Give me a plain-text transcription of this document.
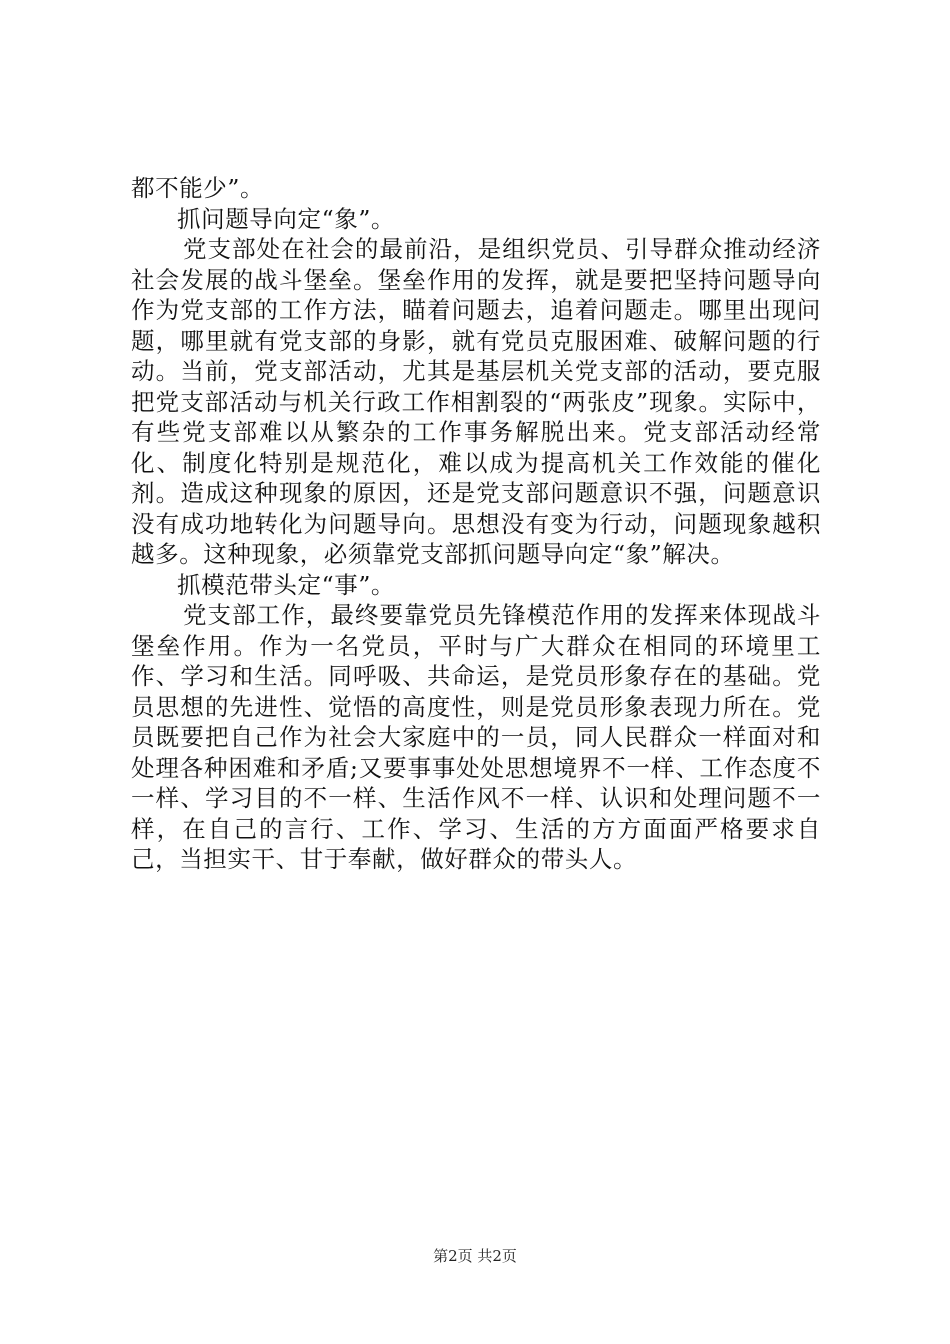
都不能少”。

抓问题导向定“象”。

党支部处在社会的最前沿，是组织党员、引导群众推动经济社会发展的战斗堡垒。堡垒作用的发挥，就是要把坚持问题导向作为党支部的工作方法，瞄着问题去，追着问题走。哪里出现问题，哪里就有党支部的身影，就有党员克服困难、破解问题的行动。当前，党支部活动，尤其是基层机关党支部的活动，要克服把党支部活动与机关行政工作相割裂的“两张皮”现象。实际中，有些党支部难以从繁杂的工作事务解脱出来。党支部活动经常化、制度化特别是规范化，难以成为提高机关工作效能的催化剂。造成这种现象的原因，还是党支部问题意识不强，问题意识没有成功地转化为问题导向。思想没有变为行动，问题现象越积越多。这种现象，必须靠党支部抓问题导向定“象”解决。

抓模范带头定“事”。

党支部工作，最终要靠党员先锋模范作用的发挥来体现战斗堡垒作用。作为一名党员，平时与广大群众在相同的环境里工作、学习和生活。同呼吸、共命运，是党员形象存在的基础。党员思想的先进性、觉悟的高度性，则是党员形象表现力所在。党员既要把自己作为社会大家庭中的一员，同人民群众一样面对和处理各种困难和矛盾;又要事事处处思想境界不一样、工作态度不一样、学习目的不一样、生活作风不一样、认识和处理问题不一样，在自己的言行、工作、学习、生活的方方面面严格要求自己，当担实干、甘于奉献，做好群众的带头人。

第2页 共2页
